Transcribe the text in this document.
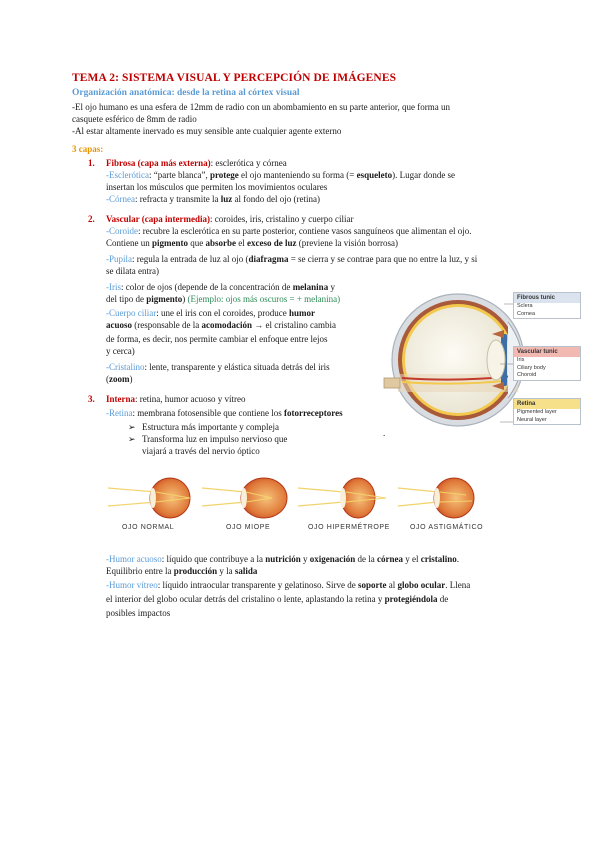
TEMA 2: SISTEMA VISUAL Y PERCEPCIÓN DE IMÁGENES
Organización anatómica: desde la retina al córtex visual
-El ojo humano es una esfera de 12mm de radio con un abombamiento en su parte anterior, que forma un
casquete esférico de 8mm de radio
-Al estar altamente inervado es muy sensible ante cualquier agente externo
3 capas:
1. Fibrosa (capa más externa): esclerótica y córnea
-Esclerótica: “parte blanca”, protege el ojo manteniendo su forma (= esqueleto). Lugar donde se
insertan los músculos que permiten los movimientos oculares
-Córnea: refracta y transmite la luz al fondo del ojo (retina)
2. Vascular (capa intermedia): coroides, iris, cristalino y cuerpo ciliar
-Coroide: recubre la esclerótica en su parte posterior, contiene vasos sanguíneos que alimentan el ojo.
Contiene un pigmento que absorbe el exceso de luz (previene la visión borrosa)
-Pupila: regula la entrada de luz al ojo (diafragma = se cierra y se contrae para que no entre la luz, y si
se dilata entra)
-Iris: color de ojos (depende de la concentración de melanina y
del tipo de pigmento) (Ejemplo: ojos más oscuros = + melanina)
-Cuerpo ciliar: une el iris con el coroides, produce humor
acuoso (responsable de la acomodación → el cristalino cambia
de forma, es decir, nos permite cambiar el enfoque entre lejos
y cerca)
-Cristalino: lente, transparente y elástica situada detrás del iris
(zoom)
3. Interna: retina, humor acuoso y vítreo
-Retina: membrana fotosensible que contiene los fotorreceptores
➢ Estructura más importante y compleja
➢ Transforma luz en impulso nervioso que
viajará a través del nervio óptico
.
Fibrous tunic
Sclera
Cornea
Vascular tunic
Iris
Ciliary body
Choroid
Retina
Pigmented layer
Neural layer
OJO NORMAL	OJO MIOPE	OJO HIPERMÉTROPE	OJO ASTIGMÁTICO
-Humor acuoso: líquido que contribuye a la nutrición y oxigenación de la córnea y el cristalino.
Equilibrio entre la producción y la salida
-Humor vítreo: líquido intraocular transparente y gelatinoso. Sirve de soporte al globo ocular. Llena
el interior del globo ocular detrás del cristalino o lente, aplastando la retina y protegiéndola de
posibles impactos
